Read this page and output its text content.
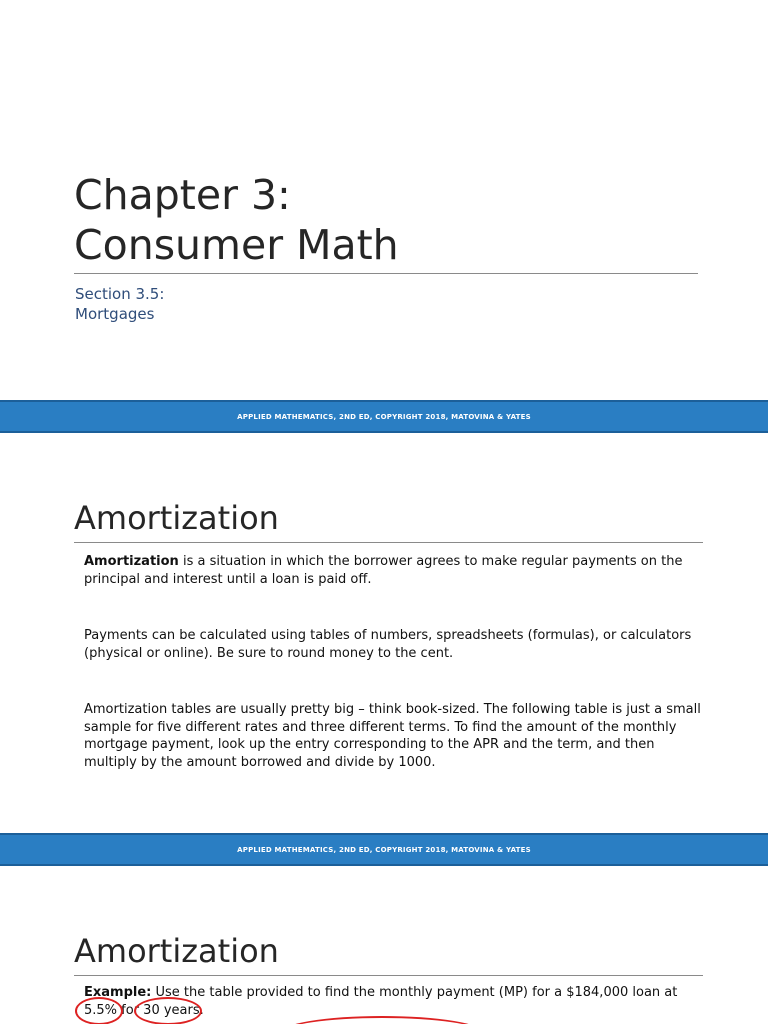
Chapter 3:
Consumer Math
Section 3.5:
Mortgages
APPLIED MATHEMATICS, 2ND ED, COPYRIGHT 2018, MATOVINA & YATES
Amortization

Amortization is a situation in which the borrower agrees to make regular payments on the principal and interest until a loan is paid off.

Payments can be calculated using tables of numbers, spreadsheets (formulas), or calculators (physical or online). Be sure to round money to the cent.

Amortization tables are usually pretty big – think book-sized. The following table is just a small sample for five different rates and three different terms. To find the amount of the monthly mortgage payment, look up the entry corresponding to the APR and the term, and then multiply by the amount borrowed and divide by 1000.

APPLIED MATHEMATICS, 2ND ED, COPYRIGHT 2018, MATOVINA & YATES
Amortization
Example: Use the table provided to find the monthly payment (MP) for a $184,000 loan at
5.5% for 30 years.
